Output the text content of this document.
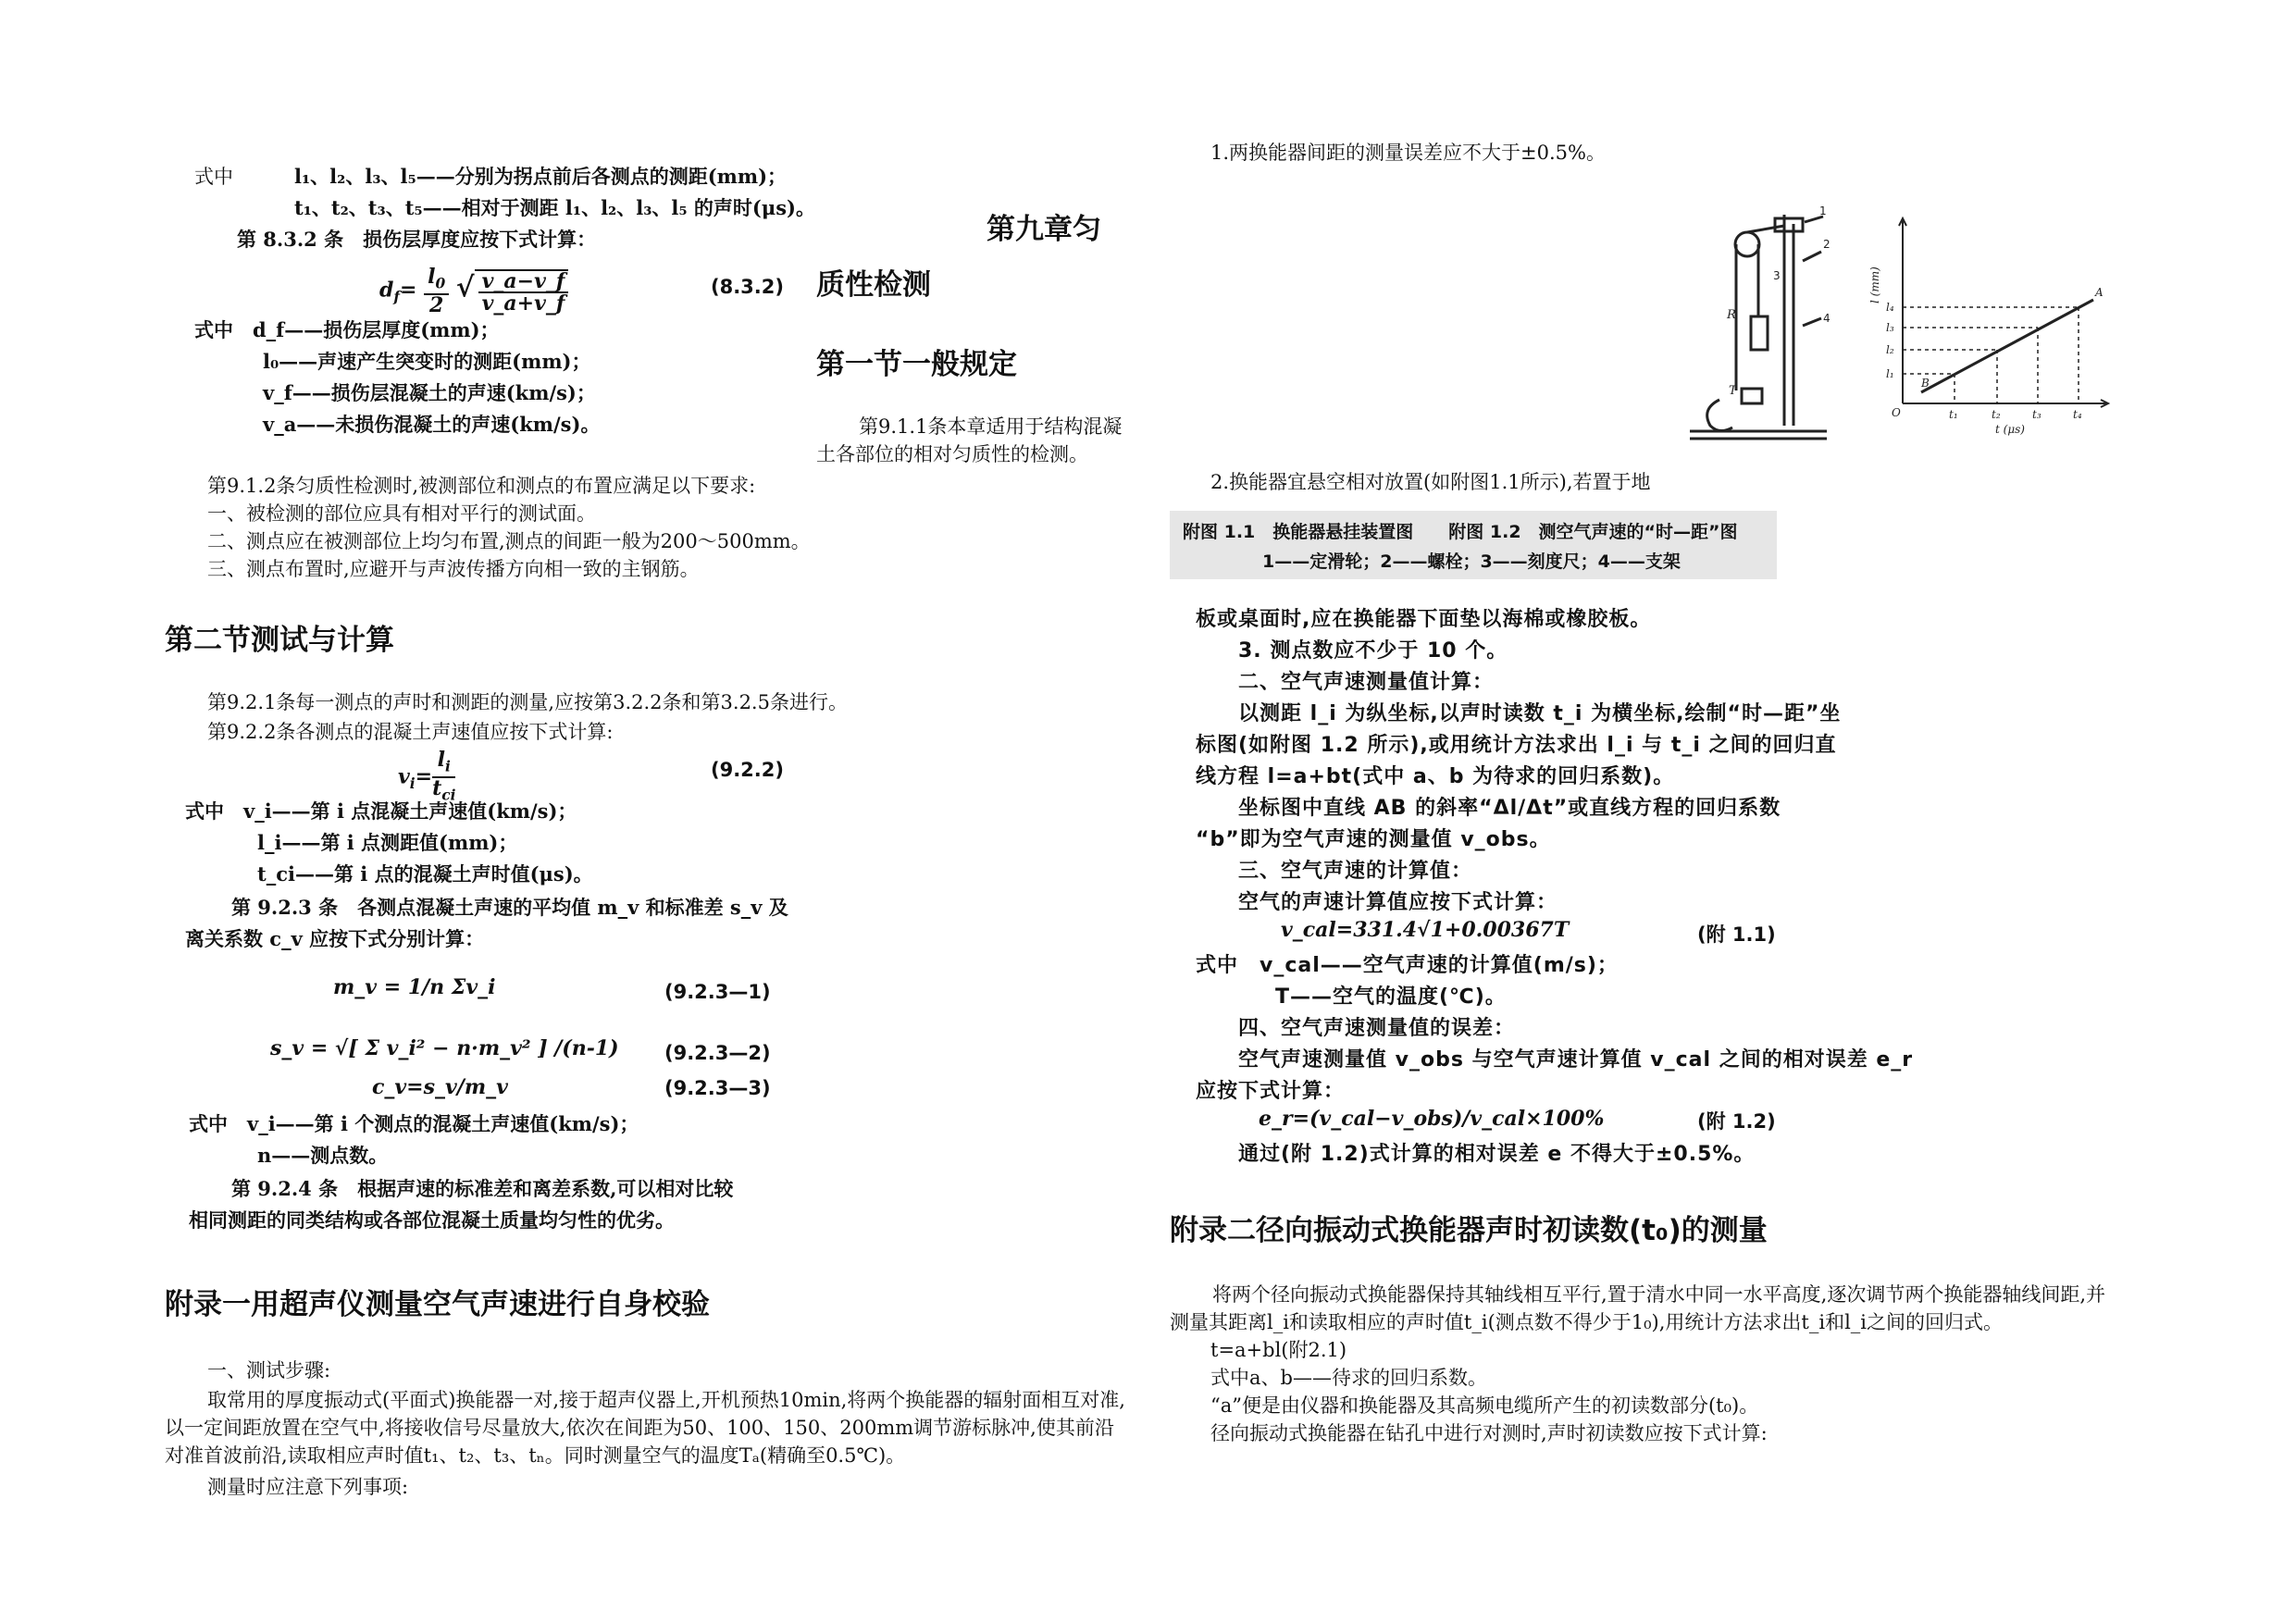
式中	l₁、l₂、l₃、l₅——分别为拐点前后各测点的测距(mm)；
t₁、t₂、t₃、t₅——相对于测距 l₁、l₂、l₃、l₅ 的声时(μs)。
第 8.3.2 条　损伤层厚度应按下式计算：
$d_f= \frac{l_0}{2}$ √ $\frac{v\_a-v\_f}{v\_a+v\_f}$	(8.3.2)
式中　d_f——损伤层厚度(mm)；
l₀——声速产生突变时的测距(mm)；
v_f——损伤层混凝土的声速(km/s)；
v_a——未损伤混凝土的声速(km/s)。
第9.1.2条匀质性检测时,被测部位和测点的布置应满足以下要求:
一、被检测的部位应具有相对平行的测试面。
二、测点应在被测部位上均匀布置,测点的间距一般为200～500mm。
三、测点布置时,应避开与声波传播方向相一致的主钢筋。
第二节测试与计算
第9.2.1条每一测点的声时和测距的测量,应按第3.2.2条和第3.2.5条进行。
第9.2.2条各测点的混凝土声速值应按下式计算:
$v_i= \frac{l_i}{t_{ci}}$	(9.2.2)
式中　v_i——第 i 点混凝土声速值(km/s)；
l_i——第 i 点测距值(mm)；
t_ci——第 i 点的混凝土声时值(μs)。
第 9.2.3 条　各测点混凝土声速的平均值 m_v 和标准差 s_v 及
离关系数 c_v 应按下式分别计算：
m_v = 1/n Σv_i	(9.2.3—1)
s_v = √[ Σ v_i² − n·m_v² ] /(n-1) (9.2.3—2)
c_v=s_v/m_v	(9.2.3—3)
式中　v_i——第 i 个测点的混凝土声速值(km/s)；
n——测点数。
第 9.2.4 条　根据声速的标准差和离差系数,可以相对比较
相同测距的同类结构或各部位混凝土质量均匀性的优劣。
附录一用超声仪测量空气声速进行自身校验
一、测试步骤:
取常用的厚度振动式(平面式)换能器一对,接于超声仪器上,开机预热10min,将两个换能器的辐射面相互对准,以一定间距放置在空气中,将接收信号尽量放大,依次在间距为50、100、150、200mm调节游标脉冲,使其前沿对准首波前沿,读取相应声时值t₁、t₂、t₃、tₙ。同时测量空气的温度Tₐ(精确至0.5℃)。
测量时应注意下列事项:
第九章匀
质性检测
第一节一般规定
第9.1.1条本章适用于结构混凝土各部位的相对匀质性的检测。
1.两换能器间距的测量误差应不大于±0.5%。
1
2
3
4
R
T
l (mm)
t (μs)
l₁
l₂
l₃
l₄
t₁	t₂	t₃	t₄
O
A
B
2.换能器宜悬空相对放置(如附图1.1所示),若置于地
附图 1.1　换能器悬挂装置图　　附图 1.2　测空气声速的“时—距”图
1——定滑轮；2——螺栓；3——刻度尺；4——支架
板或桌面时,应在换能器下面垫以海棉或橡胶板。
3. 测点数应不少于 10 个。
二、空气声速测量值计算：
以测距 l_i 为纵坐标,以声时读数 t_i 为横坐标,绘制“时—距”坐
标图(如附图 1.2 所示),或用统计方法求出 l_i 与 t_i 之间的回归直
线方程 l=a+bt(式中 a、b 为待求的回归系数)。
坐标图中直线 AB 的斜率“Δl/Δt”或直线方程的回归系数
“b”即为空气声速的测量值 v_obs。
三、空气声速的计算值：
空气的声速计算值应按下式计算：
v_cal=331.4√1+0.00367T	(附 1.1)
式中　v_cal——空气声速的计算值(m/s)；
T——空气的温度(℃)。
四、空气声速测量值的误差：
空气声速测量值 v_obs 与空气声速计算值 v_cal 之间的相对误差 e_r
应按下式计算：
e_r=(v_cal−v_obs)/v_cal×100%	(附 1.2)
通过(附 1.2)式计算的相对误差 e 不得大于±0.5%。
附录二径向振动式换能器声时初读数(t₀)的测量
将两个径向振动式换能器保持其轴线相互平行,置于清水中同一水平高度,逐次调节两个换能器轴线间距,并测量其距离l_i和读取相应的声时值t_i(测点数不得少于1₀),用统计方法求出t_i和l_i之间的回归式。
t=a+bl(附2.1)
式中a、b——待求的回归系数。
“a”便是由仪器和换能器及其高频电缆所产生的初读数部分(t₀)。
径向振动式换能器在钻孔中进行对测时,声时初读数应按下式计算:
